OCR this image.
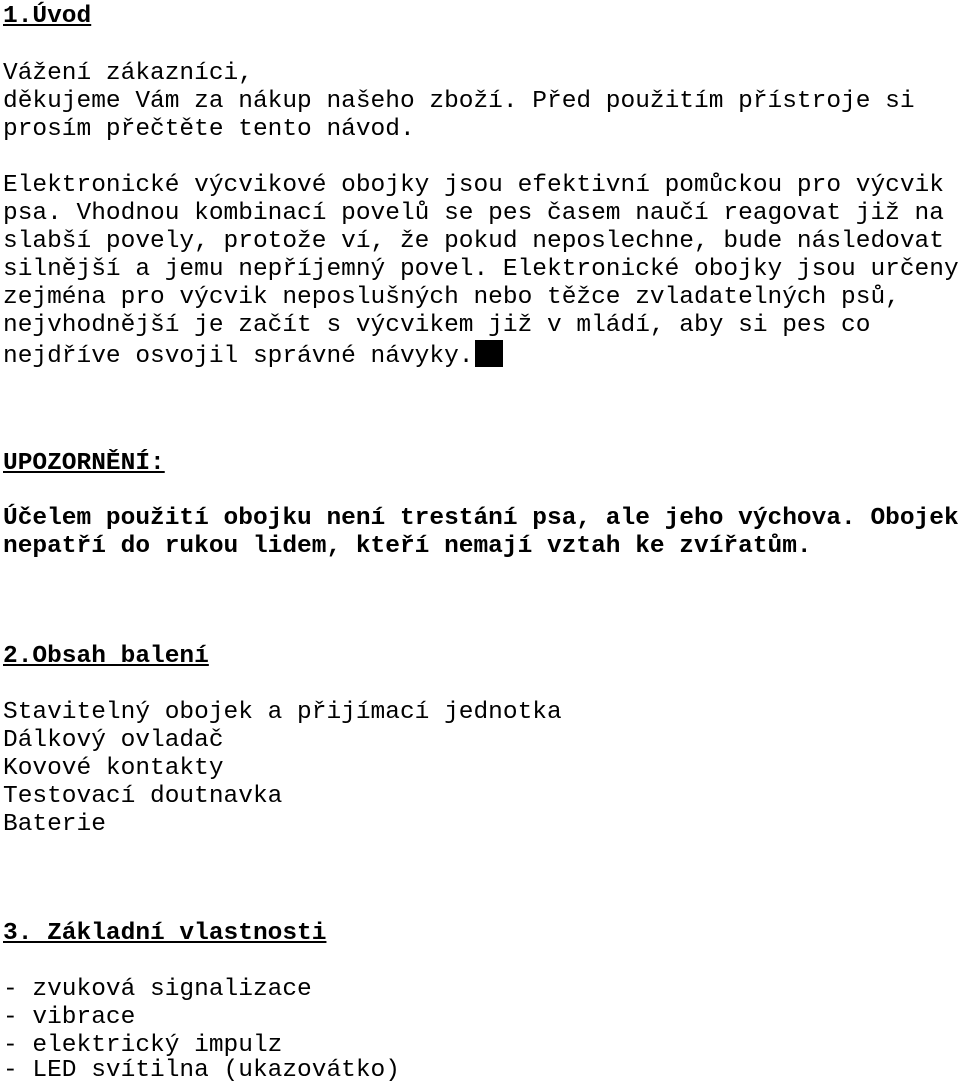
1.Úvod
Vážení zákazníci,
děkujeme Vám za nákup našeho zboží. Před použitím přístroje si
prosím přečtěte tento návod.
Elektronické výcvikové obojky jsou efektivní pomůckou pro výcvik
psa. Vhodnou kombinací povelů se pes časem naučí reagovat již na
slabší povely, protože ví, že pokud neposlechne, bude následovat
silnější a jemu nepříjemný povel. Elektronické obojky jsou určeny
zejména pro výcvik neposlušných nebo těžce zvladatelných psů,
nejvhodnější je začít s výcvikem již v mládí, aby si pes co
nejdříve osvojil správné návyky.
UPOZORNĚNÍ:
Účelem použití obojku není trestání psa, ale jeho výchova. Obojek
nepatří do rukou lidem, kteří nemají vztah ke zvířatům.
2.Obsah balení
Stavitelný obojek a přijímací jednotka
Dálkový ovladač
Kovové kontakty
Testovací doutnavka
Baterie
3. Základní vlastnosti
- zvuková signalizace
- vibrace
- elektrický impulz
- LED svítilna (ukazovátko)
